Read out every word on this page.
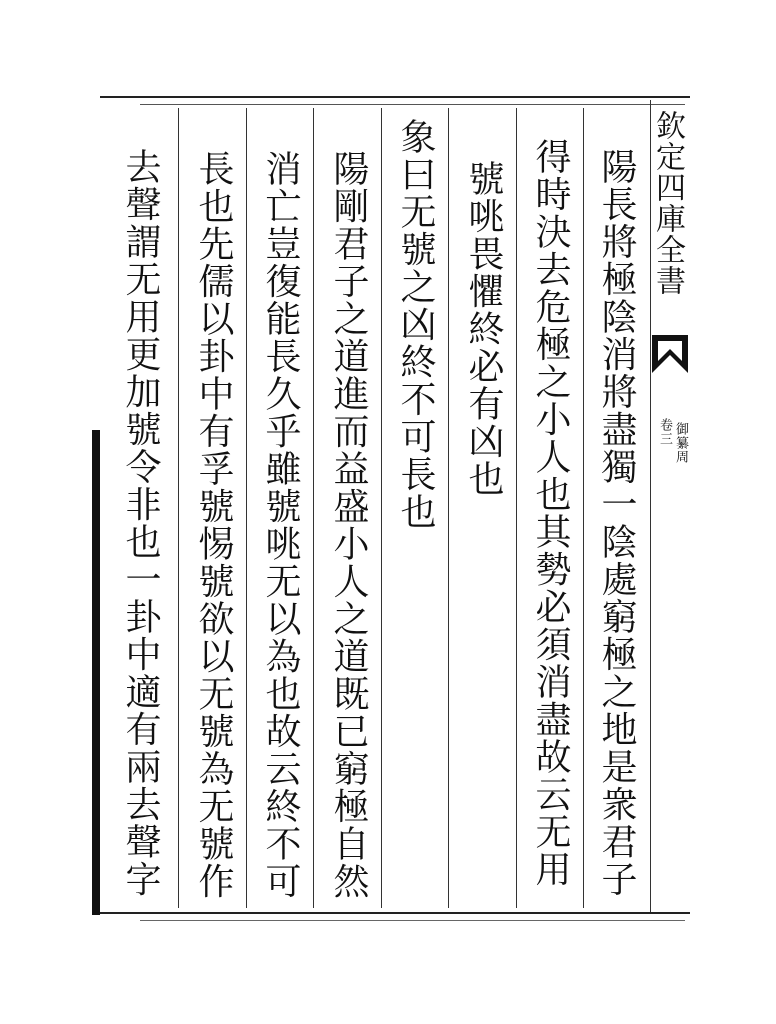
欽定四庫全書
御纂周
卷三
陽長將極陰消將盡獨一陰處窮極之地是衆君子
得時決去危極之小人也其勢必須消盡故云无用
號咷畏懼終必有凶也
象曰无號之凶終不可長也
陽剛君子之道進而益盛小人之道既已窮極自然
消亡豈復能長久乎雖號咷无以為也故云終不可
長也先儒以卦中有孚號惕號欲以无號為无號作
去聲謂无用更加號令非也一卦中適有兩去聲字
